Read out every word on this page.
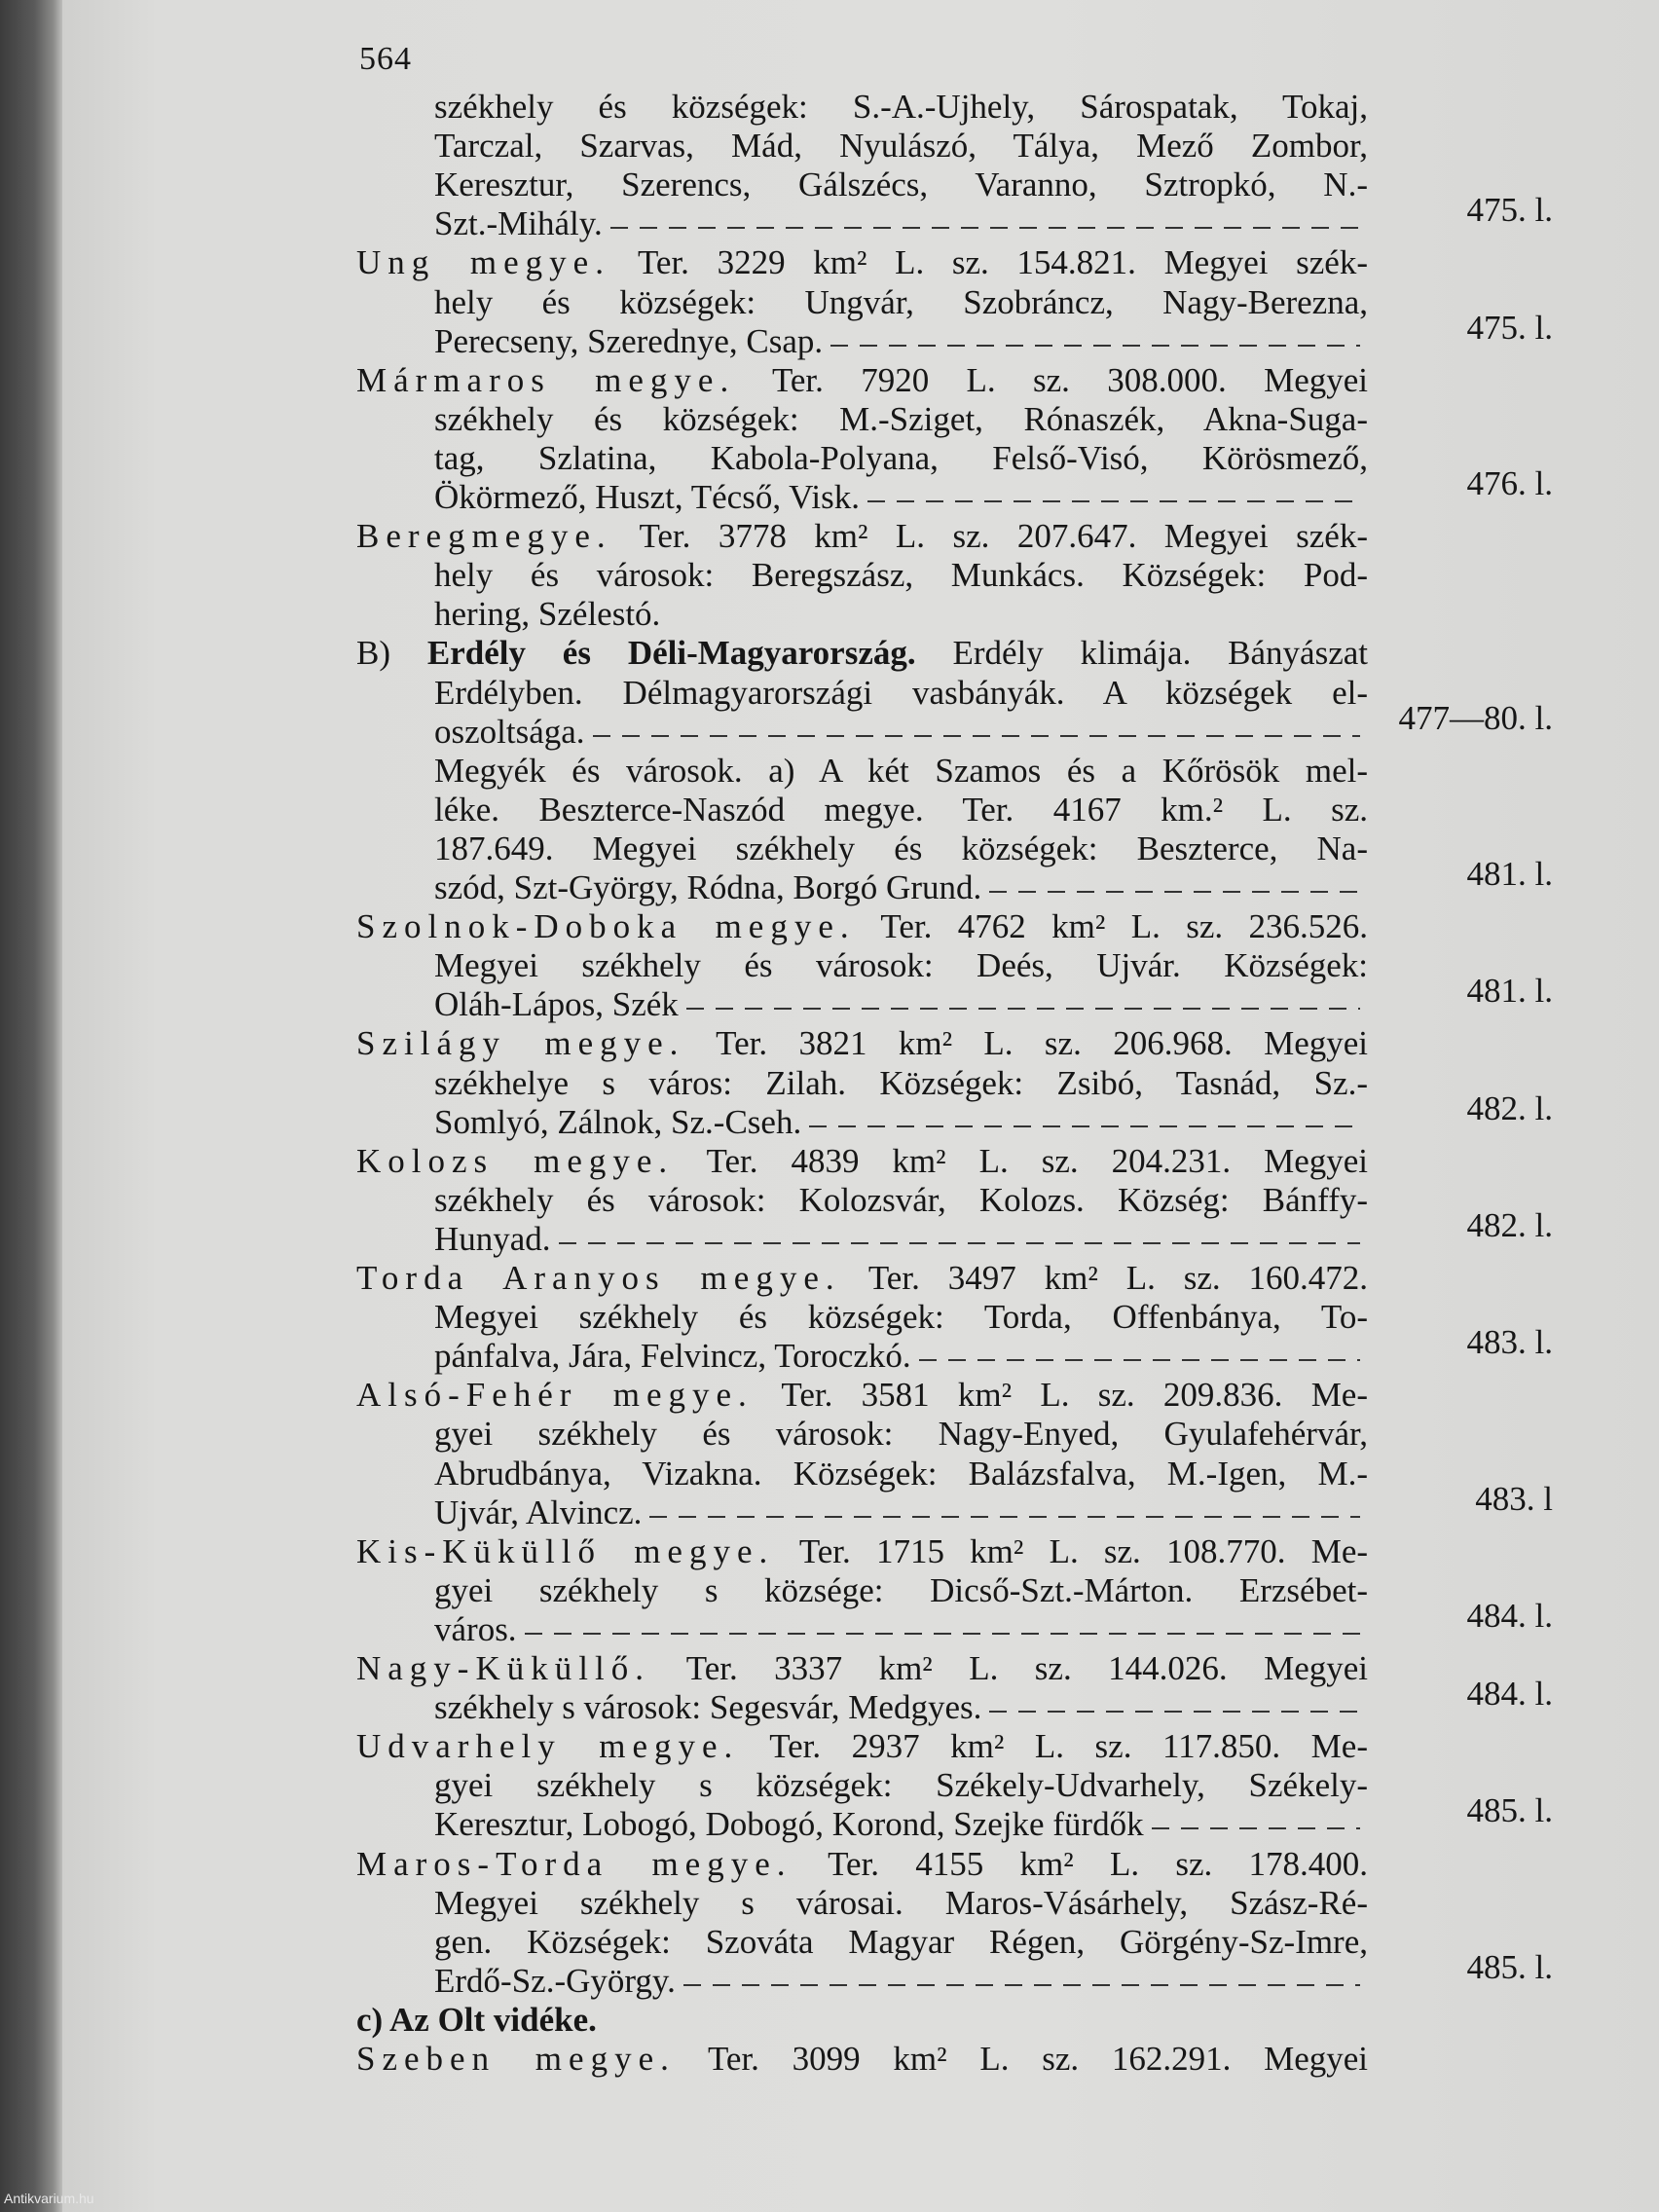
564
székhely és községek: S.-A.-Ujhely, Sárospatak, Tokaj,
Tarczal, Szarvas, Mád, Nyulászó, Tálya, Mező Zombor,
Keresztur, Szerencs, Gálszécs, Varanno, Sztropkó, N.-
Szt.-Mihály.	475. l.
Ung megye. Ter. 3229 km² L. sz. 154.821. Megyei szék-
hely és községek: Ungvár, Szobráncz, Nagy-Berezna,
Perecseny, Szerednye, Csap.	475. l.
Mármaros megye. Ter. 7920 L. sz. 308.000. Megyei
székhely és községek: M.-Sziget, Rónaszék, Akna-Suga-
tag, Szlatina, Kabola-Polyana, Felső-Visó, Körösmező,
Ökörmező, Huszt, Técső, Visk.	476. l.
Beregmegye. Ter. 3778 km² L. sz. 207.647. Megyei szék-
hely és városok: Beregszász, Munkács. Községek: Pod-
hering, Szélestó.
B) Erdély és Déli-Magyarország. Erdély klimája. Bányászat
Erdélyben. Délmagyarországi vasbányák. A községek el-
oszoltsága.	477—80. l.
Megyék és városok. a) A két Szamos és a Kőrösök mel-
léke. Beszterce-Naszód megye. Ter. 4167 km.² L. sz.
187.649. Megyei székhely és községek: Beszterce, Na-
szód, Szt-György, Ródna, Borgó Grund.	481. l.
Szolnok-Doboka megye. Ter. 4762 km² L. sz. 236.526.
Megyei székhely és városok: Deés, Ujvár. Községek:
Oláh-Lápos, Szék	481. l.
Szilágy megye. Ter. 3821 km² L. sz. 206.968. Megyei
székhelye s város: Zilah. Községek: Zsibó, Tasnád, Sz.-
Somlyó, Zálnok, Sz.-Cseh.	482. l.
Kolozs megye. Ter. 4839 km² L. sz. 204.231. Megyei
székhely és városok: Kolozsvár, Kolozs. Község: Bánffy-
Hunyad.	482. l.
Torda Aranyos megye. Ter. 3497 km² L. sz. 160.472.
Megyei székhely és községek: Torda, Offenbánya, To-
pánfalva, Jára, Felvincz, Toroczkó.	483. l.
Alsó-Fehér megye. Ter. 3581 km² L. sz. 209.836. Me-
gyei székhely és városok: Nagy-Enyed, Gyulafehérvár,
Abrudbánya, Vizakna. Községek: Balázsfalva, M.-Igen, M.-
Ujvár, Alvincz.	483. l
Kis-Küküllő megye. Ter. 1715 km² L. sz. 108.770. Me-
gyei székhely s községe: Dicső-Szt.-Márton. Erzsébet-
város.	484. l.
Nagy-Küküllő. Ter. 3337 km² L. sz. 144.026. Megyei
székhely s városok: Segesvár, Medgyes.	484. l.
Udvarhely megye. Ter. 2937 km² L. sz. 117.850. Me-
gyei székhely s községek: Székely-Udvarhely, Székely-
Keresztur, Lobogó, Dobogó, Korond, Szejke fürdők	485. l.
Maros-Torda megye. Ter. 4155 km² L. sz. 178.400.
Megyei székhely s városai. Maros-Vásárhely, Szász-Ré-
gen. Községek: Szováta Magyar Régen, Görgény-Sz-Imre,
Erdő-Sz.-György.	485. l.
c) Az Olt vidéke.
Szeben megye. Ter. 3099 km² L. sz. 162.291. Megyei
Antikvarium.hu
